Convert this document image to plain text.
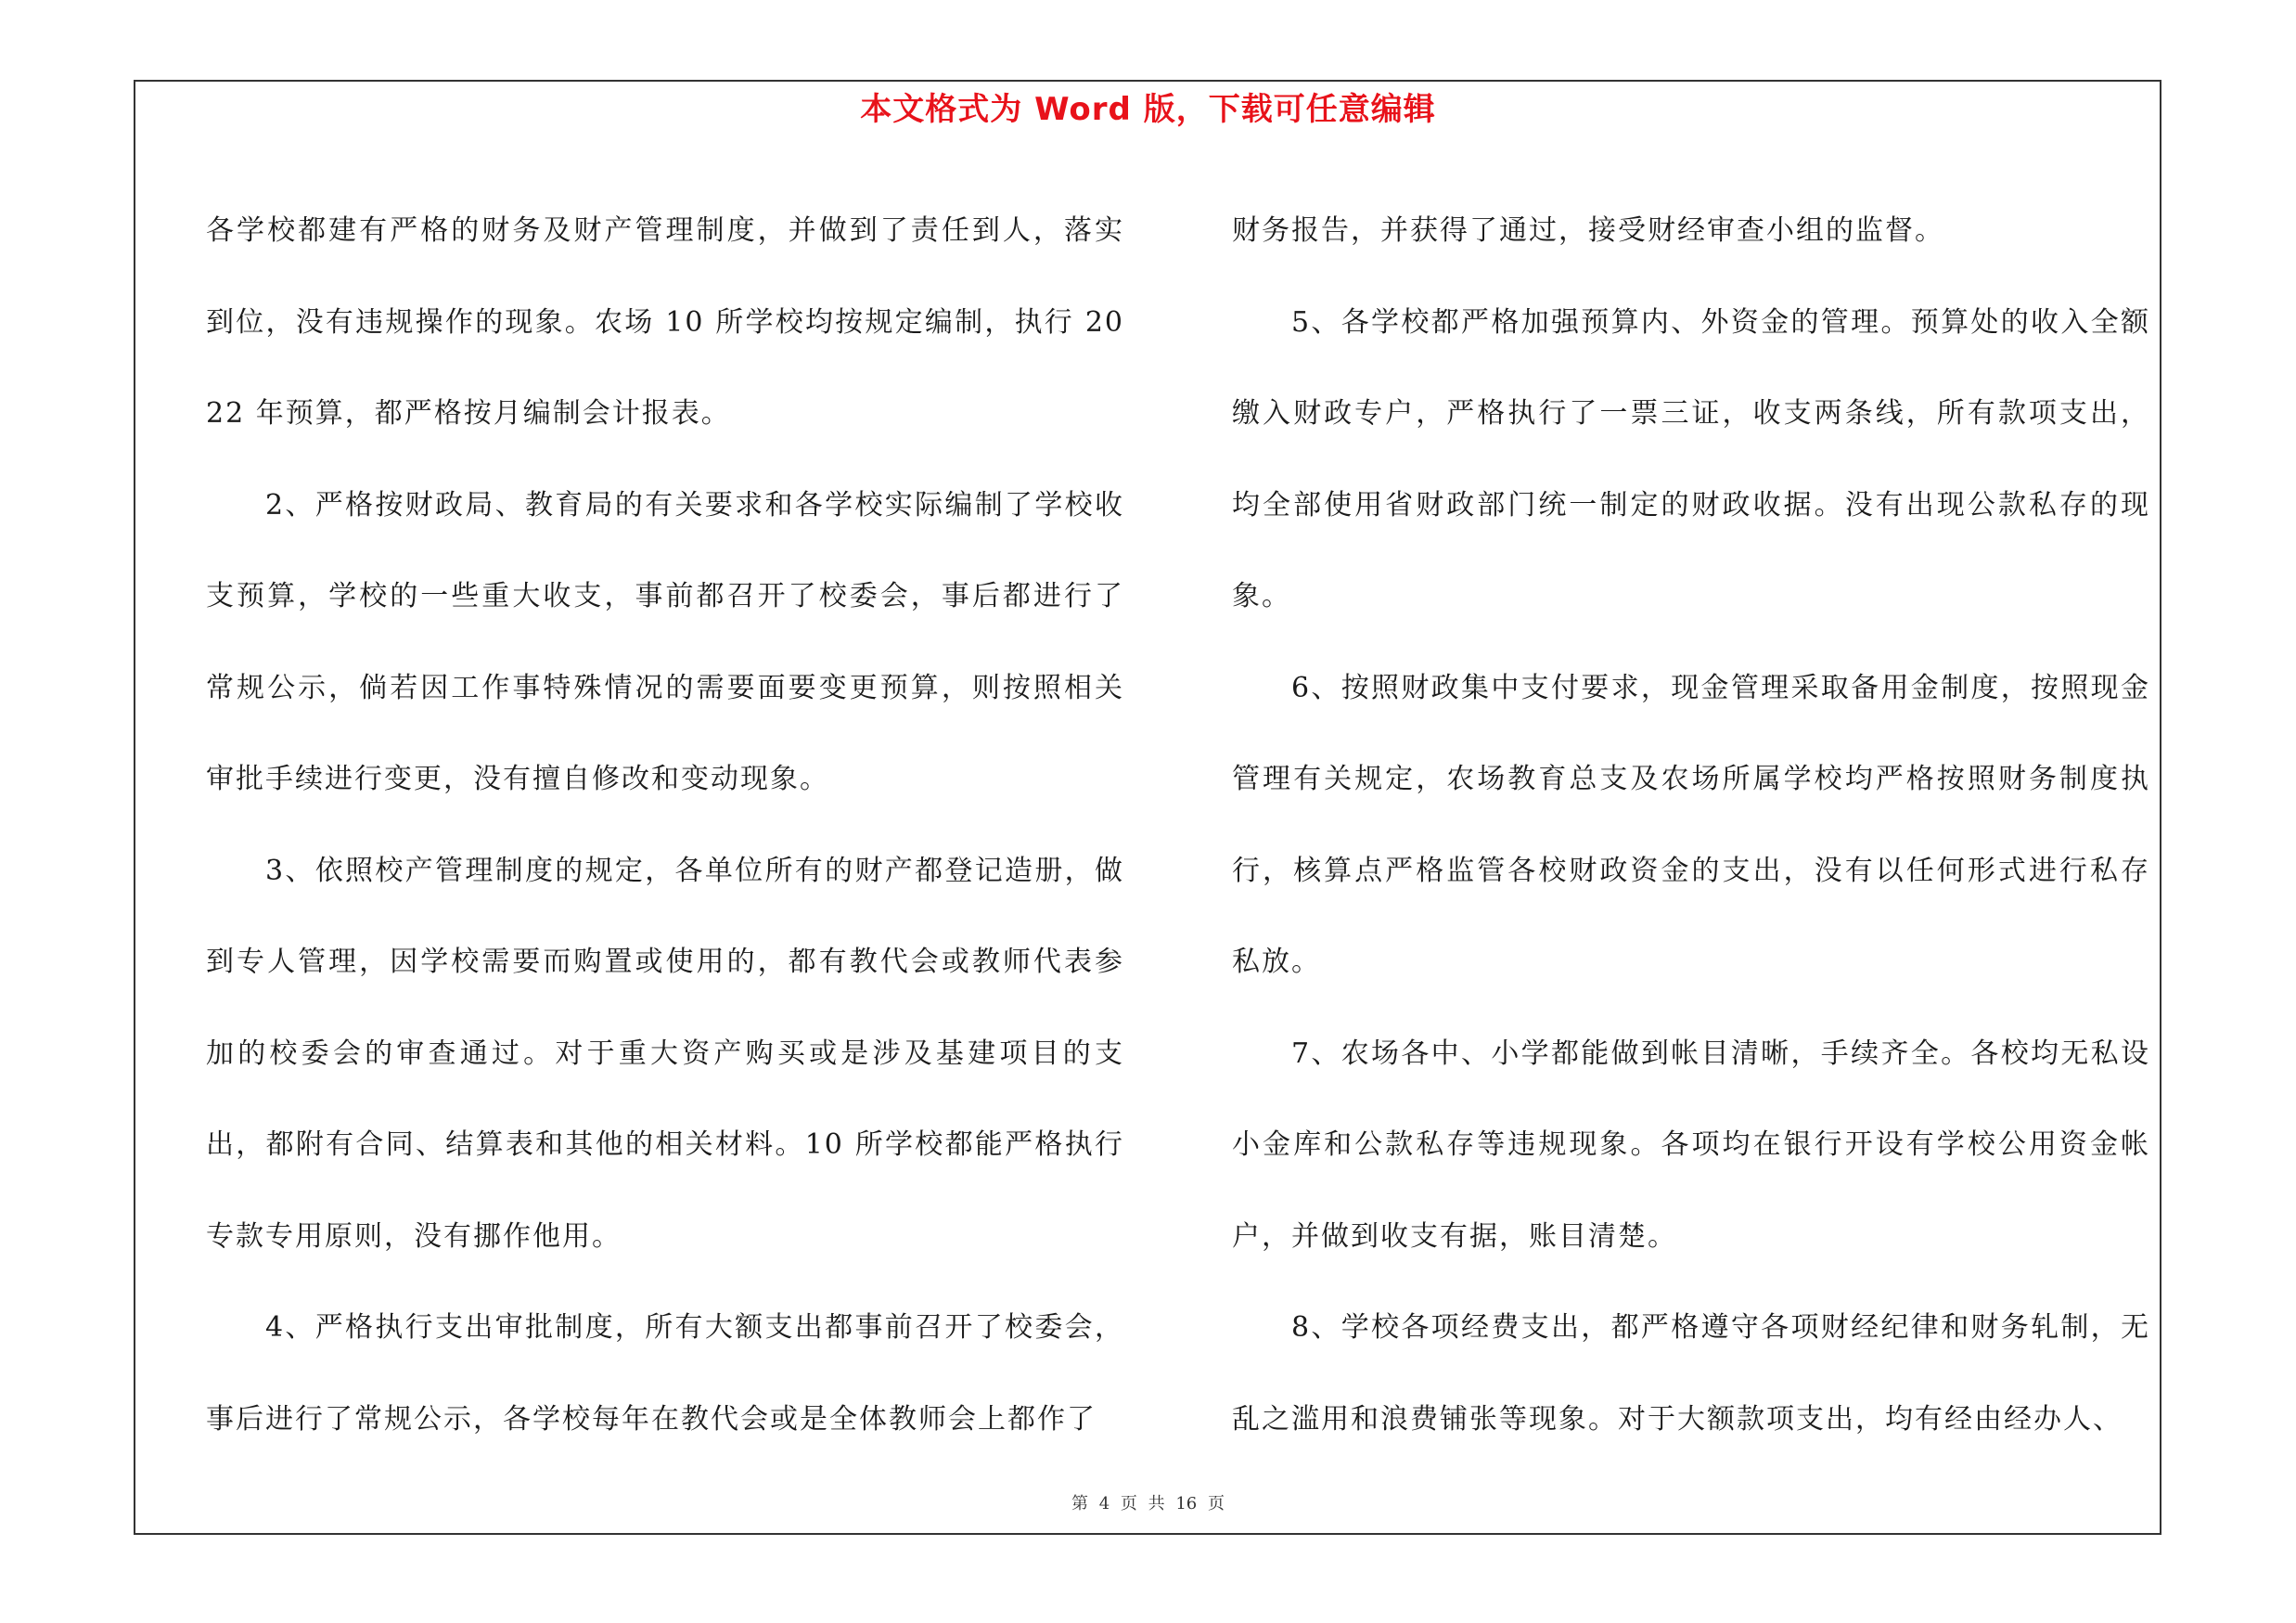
本文格式为 Word 版，下载可任意编辑

各学校都建有严格的财务及财产管理制度，并做到了责任到人，落实到位，没有违规操作的现象。农场 10 所学校均按规定编制，执行 2022 年预算，都严格按月编制会计报表。

2、严格按财政局、教育局的有关要求和各学校实际编制了学校收支预算，学校的一些重大收支，事前都召开了校委会，事后都进行了常规公示，倘若因工作事特殊情况的需要面要变更预算，则按照相关审批手续进行变更，没有擅自修改和变动现象。

3、依照校产管理制度的规定，各单位所有的财产都登记造册，做到专人管理，因学校需要而购置或使用的，都有教代会或教师代表参加的校委会的审查通过。对于重大资产购买或是涉及基建项目的支出，都附有合同、结算表和其他的相关材料。10 所学校都能严格执行专款专用原则，没有挪作他用。

4、严格执行支出审批制度，所有大额支出都事前召开了校委会，事后进行了常规公示，各学校每年在教代会或是全体教师会上都作了

财务报告，并获得了通过，接受财经审查小组的监督。

5、各学校都严格加强预算内、外资金的管理。预算处的收入全额缴入财政专户，严格执行了一票三证，收支两条线，所有款项支出，均全部使用省财政部门统一制定的财政收据。没有出现公款私存的现象。

6、按照财政集中支付要求，现金管理采取备用金制度，按照现金管理有关规定，农场教育总支及农场所属学校均严格按照财务制度执行，核算点严格监管各校财政资金的支出，没有以任何形式进行私存私放。

7、农场各中、小学都能做到帐目清晰，手续齐全。各校均无私设小金库和公款私存等违规现象。各项均在银行开设有学校公用资金帐户，并做到收支有据，账目清楚。

8、学校各项经费支出，都严格遵守各项财经纪律和财务轧制，无乱之滥用和浪费铺张等现象。对于大额款项支出，均有经由经办人、

第 4 页 共 16 页
